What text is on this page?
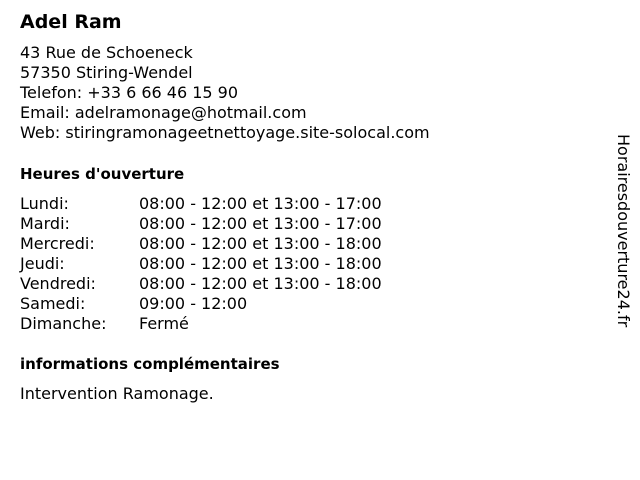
Adel Ram
43 Rue de Schoeneck
57350 Stiring-Wendel
Telefon: +33 6 66 46 15 90
Email: adelramonage@hotmail.com
Web: stiringramonageetnettoyage.site-solocal.com
Heures d'ouverture
Lundi:	08:00 - 12:00 et 13:00 - 17:00
Mardi:	08:00 - 12:00 et 13:00 - 17:00
Mercredi:	08:00 - 12:00 et 13:00 - 18:00
Jeudi:	08:00 - 12:00 et 13:00 - 18:00
Vendredi:	08:00 - 12:00 et 13:00 - 18:00
Samedi:	09:00 - 12:00
Dimanche: Fermé
informations complémentaires
Intervention Ramonage.
Horairesdouverture24.fr
